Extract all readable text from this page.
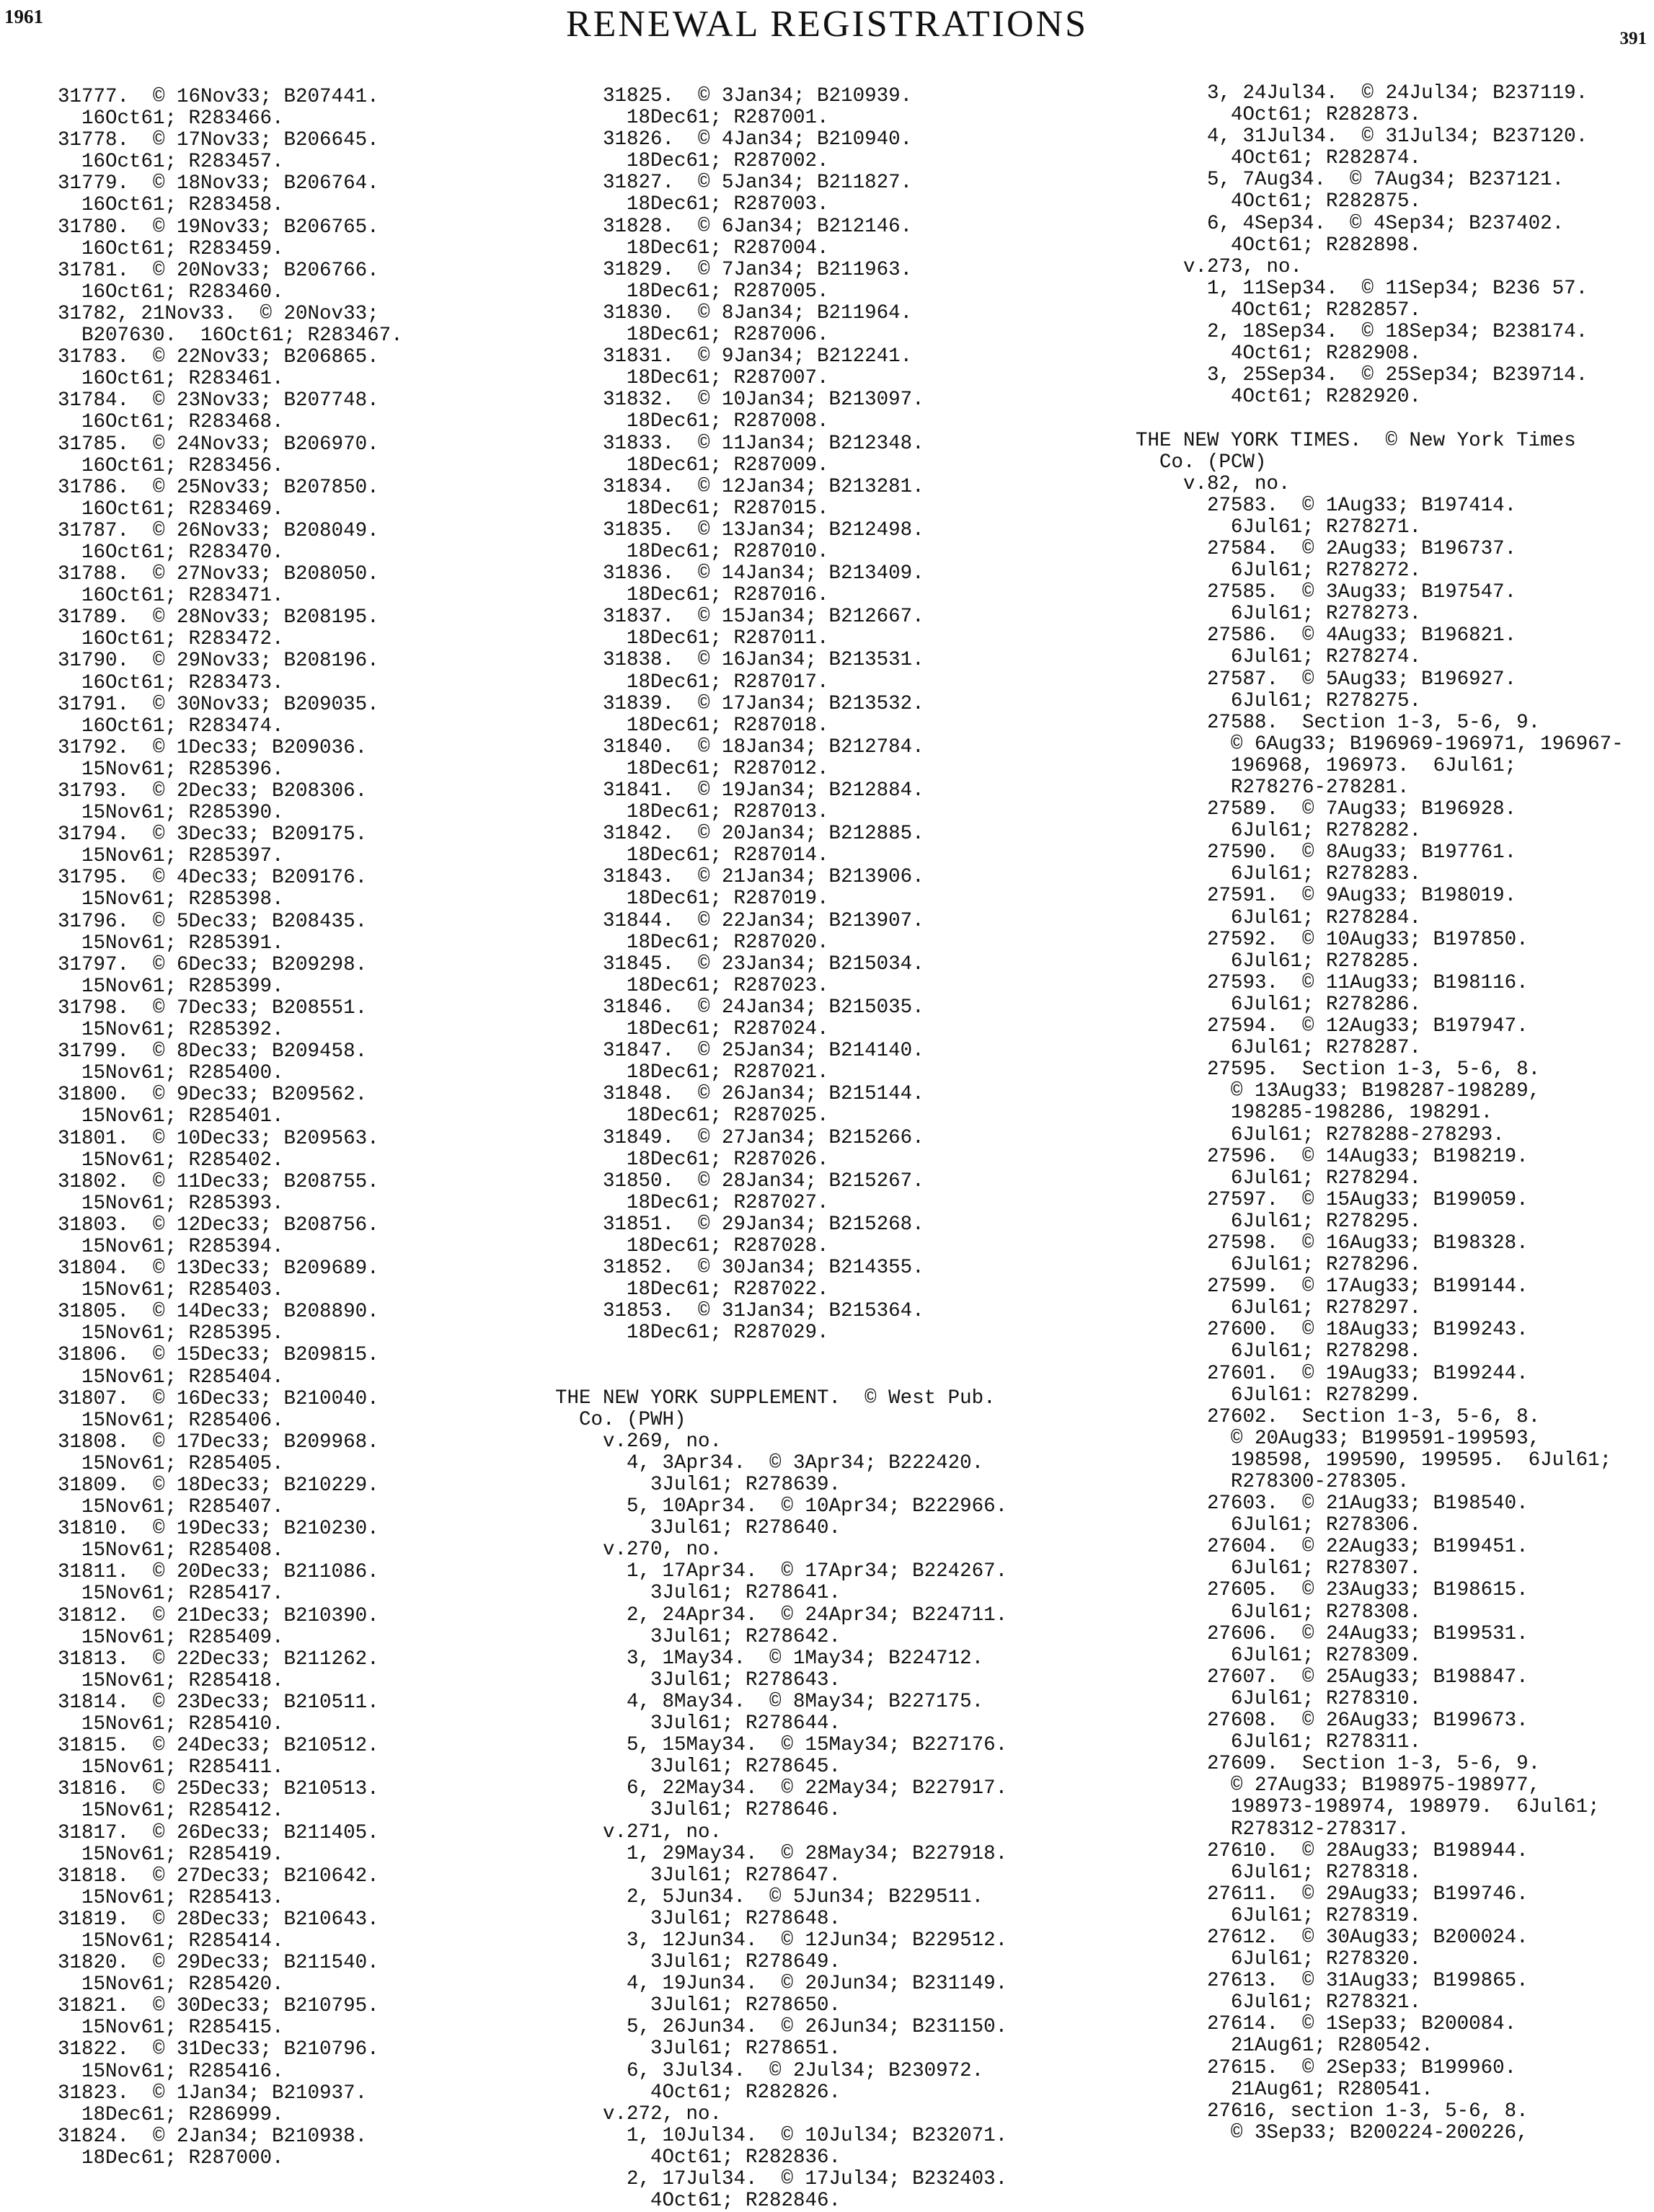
1961	RENEWAL REGISTRATIONS	391
31777.  © 16Nov33; B207441.
16Oct61; R283466.
31778.  © 17Nov33; B206645.
16Oct61; R283457.
31779.  © 18Nov33; B206764.
16Oct61; R283458.
31780.  © 19Nov33; B206765.
16Oct61; R283459.
31781.  © 20Nov33; B206766.
16Oct61; R283460.
31782, 21Nov33.  © 20Nov33;
B207630.  16Oct61; R283467.
31783.  © 22Nov33; B206865.
16Oct61; R283461.
31784.  © 23Nov33; B207748.
16Oct61; R283468.
31785.  © 24Nov33; B206970.
16Oct61; R283456.
31786.  © 25Nov33; B207850.
16Oct61; R283469.
31787.  © 26Nov33; B208049.
16Oct61; R283470.
31788.  © 27Nov33; B208050.
16Oct61; R283471.
31789.  © 28Nov33; B208195.
16Oct61; R283472.
31790.  © 29Nov33; B208196.
16Oct61; R283473.
31791.  © 30Nov33; B209035.
16Oct61; R283474.
31792.  © 1Dec33; B209036.
15Nov61; R285396.
31793.  © 2Dec33; B208306.
15Nov61; R285390.
31794.  © 3Dec33; B209175.
15Nov61; R285397.
31795.  © 4Dec33; B209176.
15Nov61; R285398.
31796.  © 5Dec33; B208435.
15Nov61; R285391.
31797.  © 6Dec33; B209298.
15Nov61; R285399.
31798.  © 7Dec33; B208551.
15Nov61; R285392.
31799.  © 8Dec33; B209458.
15Nov61; R285400.
31800.  © 9Dec33; B209562.
15Nov61; R285401.
31801.  © 10Dec33; B209563.
15Nov61; R285402.
31802.  © 11Dec33; B208755.
15Nov61; R285393.
31803.  © 12Dec33; B208756.
15Nov61; R285394.
31804.  © 13Dec33; B209689.
15Nov61; R285403.
31805.  © 14Dec33; B208890.
15Nov61; R285395.
31806.  © 15Dec33; B209815.
15Nov61; R285404.
31807.  © 16Dec33; B210040.
15Nov61; R285406.
31808.  © 17Dec33; B209968.
15Nov61; R285405.
31809.  © 18Dec33; B210229.
15Nov61; R285407.
31810.  © 19Dec33; B210230.
15Nov61; R285408.
31811.  © 20Dec33; B211086.
15Nov61; R285417.
31812.  © 21Dec33; B210390.
15Nov61; R285409.
31813.  © 22Dec33; B211262.
15Nov61; R285418.
31814.  © 23Dec33; B210511.
15Nov61; R285410.
31815.  © 24Dec33; B210512.
15Nov61; R285411.
31816.  © 25Dec33; B210513.
15Nov61; R285412.
31817.  © 26Dec33; B211405.
15Nov61; R285419.
31818.  © 27Dec33; B210642.
15Nov61; R285413.
31819.  © 28Dec33; B210643.
15Nov61; R285414.
31820.  © 29Dec33; B211540.
15Nov61; R285420.
31821.  © 30Dec33; B210795.
15Nov61; R285415.
31822.  © 31Dec33; B210796.
15Nov61; R285416.
31823.  © 1Jan34; B210937.
18Dec61; R286999.
31824.  © 2Jan34; B210938.
18Dec61; R287000.
31825.  © 3Jan34; B210939.
18Dec61; R287001.
31826.  © 4Jan34; B210940.
18Dec61; R287002.
31827.  © 5Jan34; B211827.
18Dec61; R287003.
31828.  © 6Jan34; B212146.
18Dec61; R287004.
31829.  © 7Jan34; B211963.
18Dec61; R287005.
31830.  © 8Jan34; B211964.
18Dec61; R287006.
31831.  © 9Jan34; B212241.
18Dec61; R287007.
31832.  © 10Jan34; B213097.
18Dec61; R287008.
31833.  © 11Jan34; B212348.
18Dec61; R287009.
31834.  © 12Jan34; B213281.
18Dec61; R287015.
31835.  © 13Jan34; B212498.
18Dec61; R287010.
31836.  © 14Jan34; B213409.
18Dec61; R287016.
31837.  © 15Jan34; B212667.
18Dec61; R287011.
31838.  © 16Jan34; B213531.
18Dec61; R287017.
31839.  © 17Jan34; B213532.
18Dec61; R287018.
31840.  © 18Jan34; B212784.
18Dec61; R287012.
31841.  © 19Jan34; B212884.
18Dec61; R287013.
31842.  © 20Jan34; B212885.
18Dec61; R287014.
31843.  © 21Jan34; B213906.
18Dec61; R287019.
31844.  © 22Jan34; B213907.
18Dec61; R287020.
31845.  © 23Jan34; B215034.
18Dec61; R287023.
31846.  © 24Jan34; B215035.
18Dec61; R287024.
31847.  © 25Jan34; B214140.
18Dec61; R287021.
31848.  © 26Jan34; B215144.
18Dec61; R287025.
31849.  © 27Jan34; B215266.
18Dec61; R287026.
31850.  © 28Jan34; B215267.
18Dec61; R287027.
31851.  © 29Jan34; B215268.
18Dec61; R287028.
31852.  © 30Jan34; B214355.
18Dec61; R287022.
31853.  © 31Jan34; B215364.
18Dec61; R287029.
THE NEW YORK SUPPLEMENT.  © West Pub.
Co. (PWH)
v.269, no.
4, 3Apr34.  © 3Apr34; B222420.
3Jul61; R278639.
5, 10Apr34.  © 10Apr34; B222966.
3Jul61; R278640.
v.270, no.
1, 17Apr34.  © 17Apr34; B224267.
3Jul61; R278641.
2, 24Apr34.  © 24Apr34; B224711.
3Jul61; R278642.
3, 1May34.  © 1May34; B224712.
3Jul61; R278643.
4, 8May34.  © 8May34; B227175.
3Jul61; R278644.
5, 15May34.  © 15May34; B227176.
3Jul61; R278645.
6, 22May34.  © 22May34; B227917.
3Jul61; R278646.
v.271, no.
1, 29May34.  © 28May34; B227918.
3Jul61; R278647.
2, 5Jun34.  © 5Jun34; B229511.
3Jul61; R278648.
3, 12Jun34.  © 12Jun34; B229512.
3Jul61; R278649.
4, 19Jun34.  © 20Jun34; B231149.
3Jul61; R278650.
5, 26Jun34.  © 26Jun34; B231150.
3Jul61; R278651.
6, 3Jul34.  © 2Jul34; B230972.
4Oct61; R282826.
v.272, no.
1, 10Jul34.  © 10Jul34; B232071.
4Oct61; R282836.
2, 17Jul34.  © 17Jul34; B232403.
4Oct61; R282846.
3, 24Jul34.  © 24Jul34; B237119.
4Oct61; R282873.
4, 31Jul34.  © 31Jul34; B237120.
4Oct61; R282874.
5, 7Aug34.  © 7Aug34; B237121.
4Oct61; R282875.
6, 4Sep34.  © 4Sep34; B237402.
4Oct61; R282898.
v.273, no.
1, 11Sep34.  © 11Sep34; B236 57.
4Oct61; R282857.
2, 18Sep34.  © 18Sep34; B238174.
4Oct61; R282908.
3, 25Sep34.  © 25Sep34; B239714.
4Oct61; R282920.
THE NEW YORK TIMES.  © New York Times
Co. (PCW)
v.82, no.
27583.  © 1Aug33; B197414.
6Jul61; R278271.
27584.  © 2Aug33; B196737.
6Jul61; R278272.
27585.  © 3Aug33; B197547.
6Jul61; R278273.
27586.  © 4Aug33; B196821.
6Jul61; R278274.
27587.  © 5Aug33; B196927.
6Jul61; R278275.
27588.  Section 1-3, 5-6, 9.
© 6Aug33; B196969-196971, 196967-
196968, 196973.  6Jul61;
R278276-278281.
27589.  © 7Aug33; B196928.
6Jul61; R278282.
27590.  © 8Aug33; B197761.
6Jul61; R278283.
27591.  © 9Aug33; B198019.
6Jul61; R278284.
27592.  © 10Aug33; B197850.
6Jul61; R278285.
27593.  © 11Aug33; B198116.
6Jul61; R278286.
27594.  © 12Aug33; B197947.
6Jul61; R278287.
27595.  Section 1-3, 5-6, 8.
© 13Aug33; B198287-198289,
198285-198286, 198291.
6Jul61; R278288-278293.
27596.  © 14Aug33; B198219.
6Jul61; R278294.
27597.  © 15Aug33; B199059.
6Jul61; R278295.
27598.  © 16Aug33; B198328.
6Jul61; R278296.
27599.  © 17Aug33; B199144.
6Jul61; R278297.
27600.  © 18Aug33; B199243.
6Jul61; R278298.
27601.  © 19Aug33; B199244.
6Jul61: R278299.
27602.  Section 1-3, 5-6, 8.
© 20Aug33; B199591-199593,
198598, 199590, 199595.  6Jul61;
R278300-278305.
27603.  © 21Aug33; B198540.
6Jul61; R278306.
27604.  © 22Aug33; B199451.
6Jul61; R278307.
27605.  © 23Aug33; B198615.
6Jul61; R278308.
27606.  © 24Aug33; B199531.
6Jul61; R278309.
27607.  © 25Aug33; B198847.
6Jul61; R278310.
27608.  © 26Aug33; B199673.
6Jul61; R278311.
27609.  Section 1-3, 5-6, 9.
© 27Aug33; B198975-198977,
198973-198974, 198979.  6Jul61;
R278312-278317.
27610.  © 28Aug33; B198944.
6Jul61; R278318.
27611.  © 29Aug33; B199746.
6Jul61; R278319.
27612.  © 30Aug33; B200024.
6Jul61; R278320.
27613.  © 31Aug33; B199865.
6Jul61; R278321.
27614.  © 1Sep33; B200084.
21Aug61; R280542.
27615.  © 2Sep33; B199960.
21Aug61; R280541.
27616, section 1-3, 5-6, 8.
© 3Sep33; B200224-200226,
